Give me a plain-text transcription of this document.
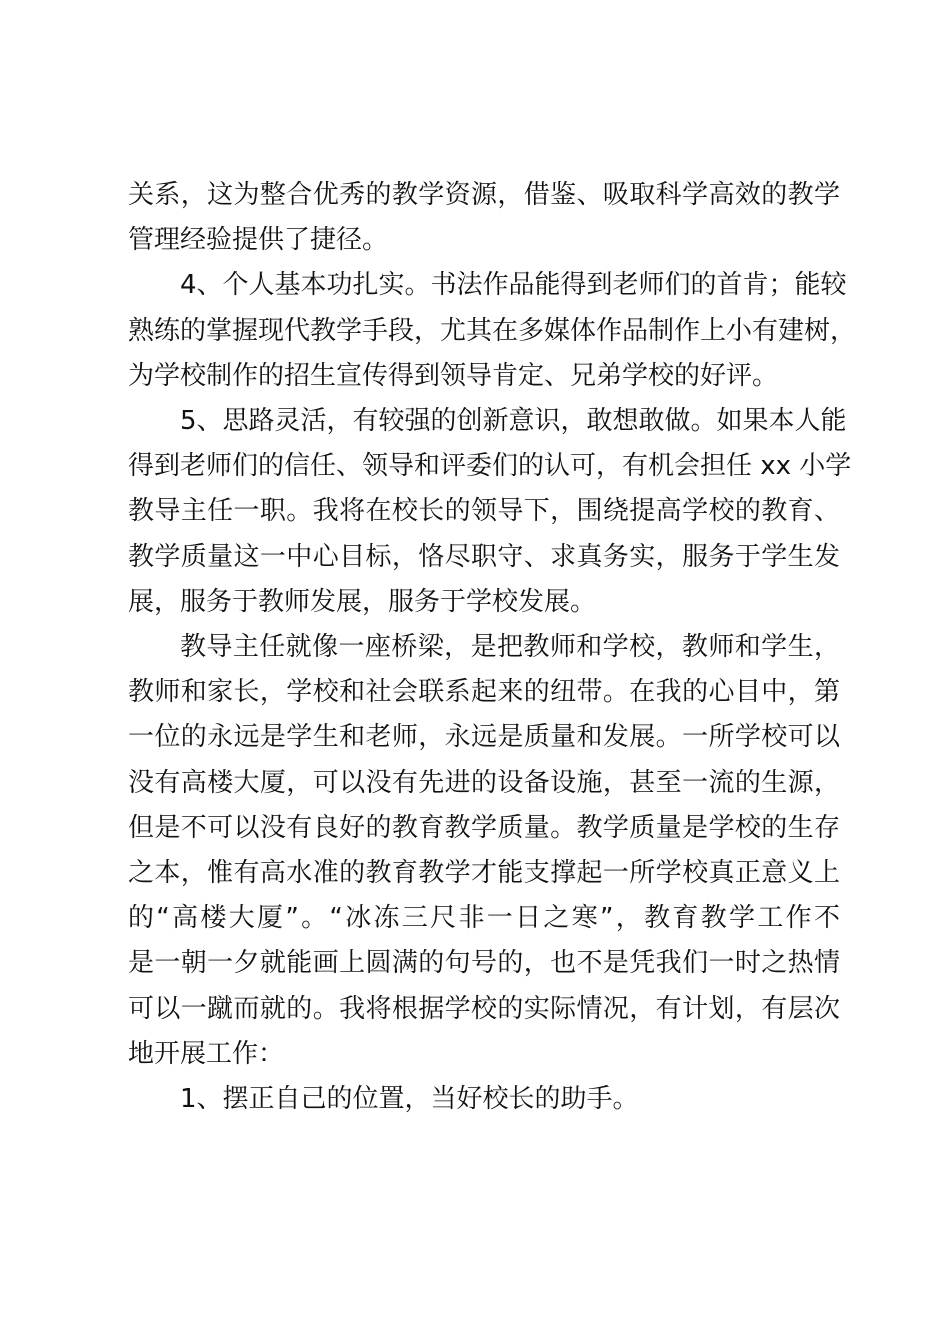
关系，这为整合优秀的教学资源，借鉴、吸取科学高效的教学
管理经验提供了捷径。
4、个人基本功扎实。书法作品能得到老师们的首肯；能较
熟练的掌握现代教学手段，尤其在多媒体作品制作上小有建树，
为学校制作的招生宣传得到领导肯定、兄弟学校的好评。
5、思路灵活，有较强的创新意识，敢想敢做。如果本人能
得到老师们的信任、领导和评委们的认可，有机会担任 xx 小学
教导主任一职。我将在校长的领导下，围绕提高学校的教育、
教学质量这一中心目标，恪尽职守、求真务实，服务于学生发
展，服务于教师发展，服务于学校发展。
教导主任就像一座桥梁，是把教师和学校，教师和学生，
教师和家长，学校和社会联系起来的纽带。在我的心目中，第
一位的永远是学生和老师，永远是质量和发展。一所学校可以
没有高楼大厦，可以没有先进的设备设施，甚至一流的生源，
但是不可以没有良好的教育教学质量。教学质量是学校的生存
之本，惟有高水准的教育教学才能支撑起一所学校真正意义上
的“高楼大厦”。“冰冻三尺非一日之寒”，教育教学工作不
是一朝一夕就能画上圆满的句号的，也不是凭我们一时之热情
可以一蹴而就的。我将根据学校的实际情况，有计划，有层次
地开展工作：
1、摆正自己的位置，当好校长的助手。
